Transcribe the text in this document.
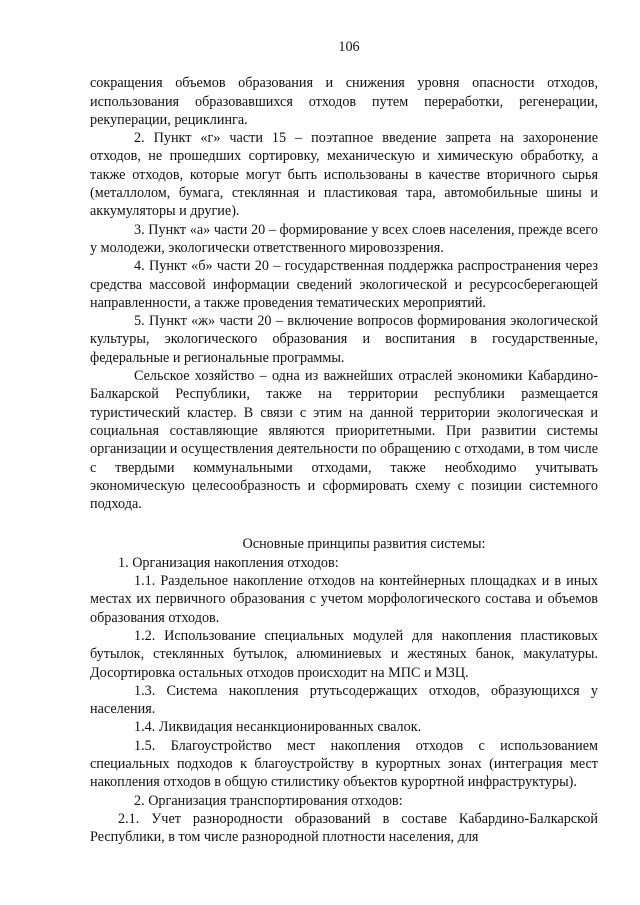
106

сокращения объемов образования и снижения уровня опасности отходов, использования образовавшихся отходов путем переработки, регенерации, рекуперации, рециклинга.

2. Пункт «г» части 15 – поэтапное введение запрета на захоронение отходов, не прошедших сортировку, механическую и химическую обработку, а также отходов, которые могут быть использованы в качестве вторичного сырья (металлолом, бумага, стеклянная и пластиковая тара, автомобильные шины и аккумуляторы и другие).

3. Пункт «а» части 20 – формирование у всех слоев населения, прежде всего у молодежи, экологически ответственного мировоззрения.

4. Пункт «б» части 20 – государственная поддержка распространения через средства массовой информации сведений экологической и ресурсосберегающей направленности, а также проведения тематических мероприятий.

5. Пункт «ж» части 20 – включение вопросов формирования экологической культуры, экологического образования и воспитания в государственные, федеральные и региональные программы.

Сельское хозяйство – одна из важнейших отраслей экономики Кабардино-Балкарской Республики, также на территории республики размещается туристический кластер. В связи с этим на данной территории экологическая и социальная составляющие являются приоритетными. При развитии системы организации и осуществления деятельности по обращению с отходами, в том числе с твердыми коммунальными отходами, также необходимо учитывать экономическую целесообразность и сформировать схему с позиции системного подхода.

Основные принципы развития системы:

1. Организация накопления отходов:

1.1. Раздельное накопление отходов на контейнерных площадках и в иных местах их первичного образования с учетом морфологического состава и объемов образования отходов.

1.2. Использование специальных модулей для накопления пластиковых бутылок, стеклянных бутылок, алюминиевых и жестяных банок, макулатуры. Досортировка остальных отходов происходит на МПС и МЗЦ.

1.3. Система накопления ртутьсодержащих отходов, образующихся у населения.

1.4. Ликвидация несанкционированных свалок.

1.5. Благоустройство мест накопления отходов с использованием специальных подходов к благоустройству в курортных зонах (интеграция мест накопления отходов в общую стилистику объектов курортной инфраструктуры).

2. Организация транспортирования отходов:

2.1. Учет разнородности образований в составе Кабардино-Балкарской Республики, в том числе разнородной плотности населения, для
